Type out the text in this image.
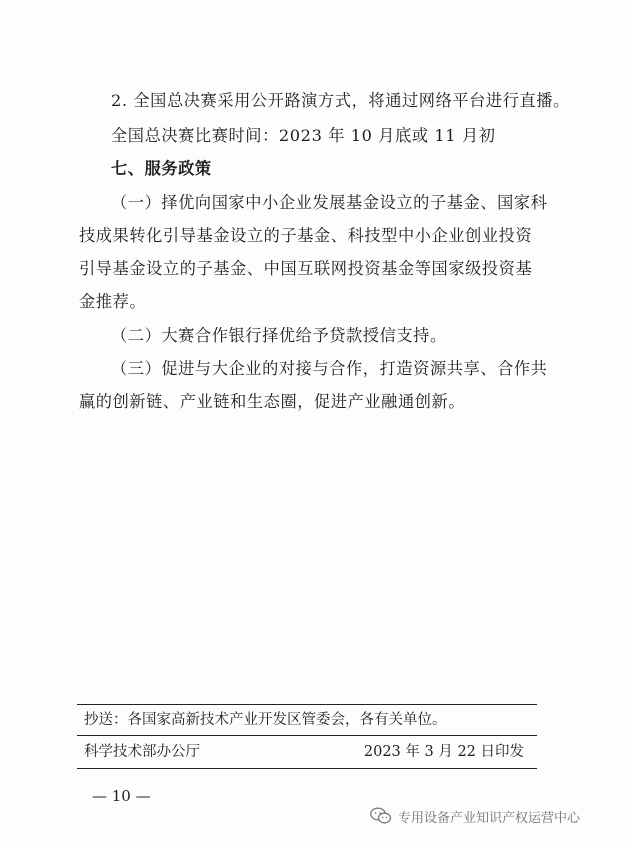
2. 全国总决赛采用公开路演方式，将通过网络平台进行直播。
全国总决赛比赛时间：2023 年 10 月底或 11 月初
七、服务政策
（一）择优向国家中小企业发展基金设立的子基金、国家科
技成果转化引导基金设立的子基金、科技型中小企业创业投资
引导基金设立的子基金、中国互联网投资基金等国家级投资基
金推荐。
（二）大赛合作银行择优给予贷款授信支持。
（三）促进与大企业的对接与合作，打造资源共享、合作共
赢的创新链、产业链和生态圈，促进产业融通创新。
抄送：各国家高新技术产业开发区管委会，各有关单位。
科学技术部办公厅	2023 年 3 月 22 日印发
— 10 —
专用设备产业知识产权运营中心
